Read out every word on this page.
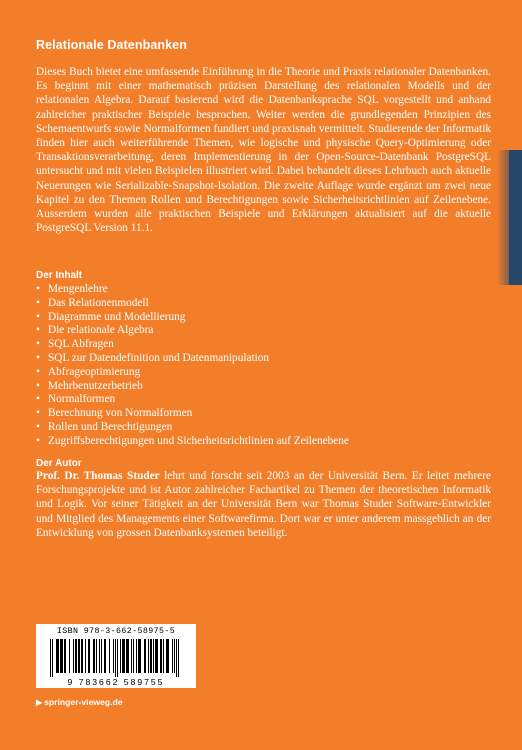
Relationale Datenbanken

Dieses Buch bietet eine umfassende Einführung in die Theorie und Praxis relationaler Datenbanken. Es beginnt mit einer mathematisch präzisen Darstellung des relationalen Modells und der relationalen Algebra. Darauf basierend wird die Datenbanksprache SQL vorgestellt und anhand zahlreicher praktischer Beispiele besprochen. Weiter werden die grundlegenden Prinzipien des Schemaentwurfs sowie Normalformen fundiert und praxisnah vermittelt. Studierende der Informatik finden hier auch weiterführende Themen, wie logische und physische Query-Optimierung oder Transaktionsverarbeitung, deren Implementierung in der Open-Source-Datenbank PostgreSQL untersucht und mit vielen Beispielen illustriert wird. Dabei behandelt dieses Lehrbuch auch aktuelle Neuerungen wie Serializable-Snapshot-Isolation. Die zweite Auflage wurde ergänzt um zwei neue Kapitel zu den Themen Rollen und Berechtigungen sowie Sicherheitsrichtlinien auf Zeilenebene. Ausserdem wurden alle praktischen Beispiele und Erklärungen aktualisiert auf die aktuelle PostgreSQL Version 11.1.

Der Inhalt
• Mengenlehre
• Das Relationenmodell
• Diagramme und Modellierung
• Die relationale Algebra
• SQL Abfragen
• SQL zur Datendefinition und Datenmanipulation
• Abfrageoptimierung
• Mehrbenutzerbetrieb
• Normalformen
• Berechnung von Normalformen
• Rollen und Berechtigungen
• Zugriffsberechtigungen und Sicherheitsrichtlinien auf Zeilenebene
Der Autor

Prof. Dr. Thomas Studer lehrt und forscht seit 2003 an der Universität Bern. Er leitet mehrere Forschungsprojekte und ist Autor zahlreicher Fachartikel zu Themen der theoretischen Informatik und Logik. Vor seiner Tätigkeit an der Universität Bern war Thomas Studer Software-Entwickler und Mitglied des Managements einer Softwarefirma. Dort war er unter anderem massgeblich an der Entwicklung von grossen Datenbanksystemen beteiligt.

ISBN 978-3-662-58975-5
9 783662 589755
▶ springer-vieweg.de
